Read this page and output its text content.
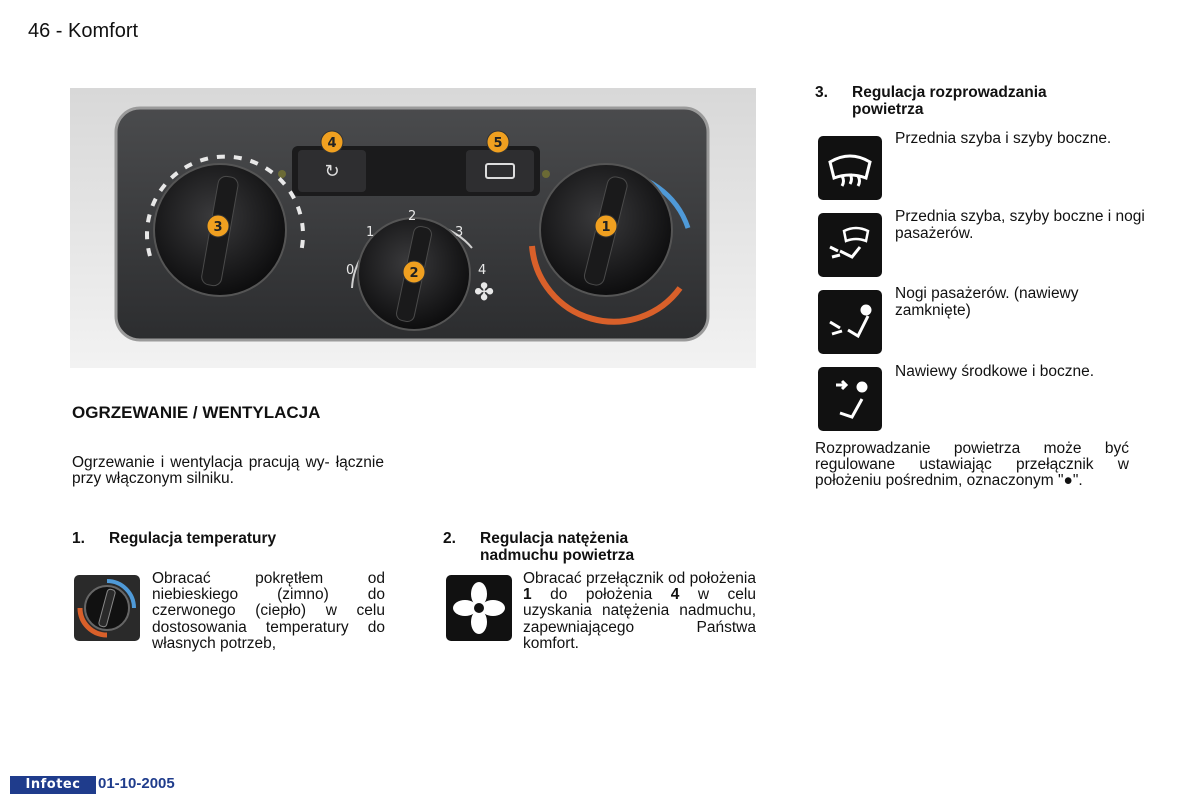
46 - Komfort
↻
0
1
2
3
4
✤
1
2
3
4	5
OGRZEWANIE / WENTYLACJA
Ogrzewanie i wentylacja pracują wy- łącznie przy włączonym silniku.
1. Regulacja temperatury
Obracać pokrętłem od niebieskiego (zimno) do czerwonego (ciepło) w celu dostosowania temperatury do własnych potrzeb,
2. Regulacja natężenia nadmuchu powietrza
Obracać przełącznik od położenia 1 do położenia 4 w celu uzyskania natężenia nadmuchu, zapewniającego Państwa komfort.
3. Regulacja rozprowadzania powietrza
Przednia szyba i szyby boczne.
Przednia szyba, szyby boczne i nogi pasażerów.
Nogi pasażerów. (nawiewy zamknięte)
Nawiewy środkowe i boczne.
Rozprowadzanie powietrza może być regulowane ustawiając przełącznik w położeniu pośrednim, oznaczonym "●".
Infotec	01-10-2005
